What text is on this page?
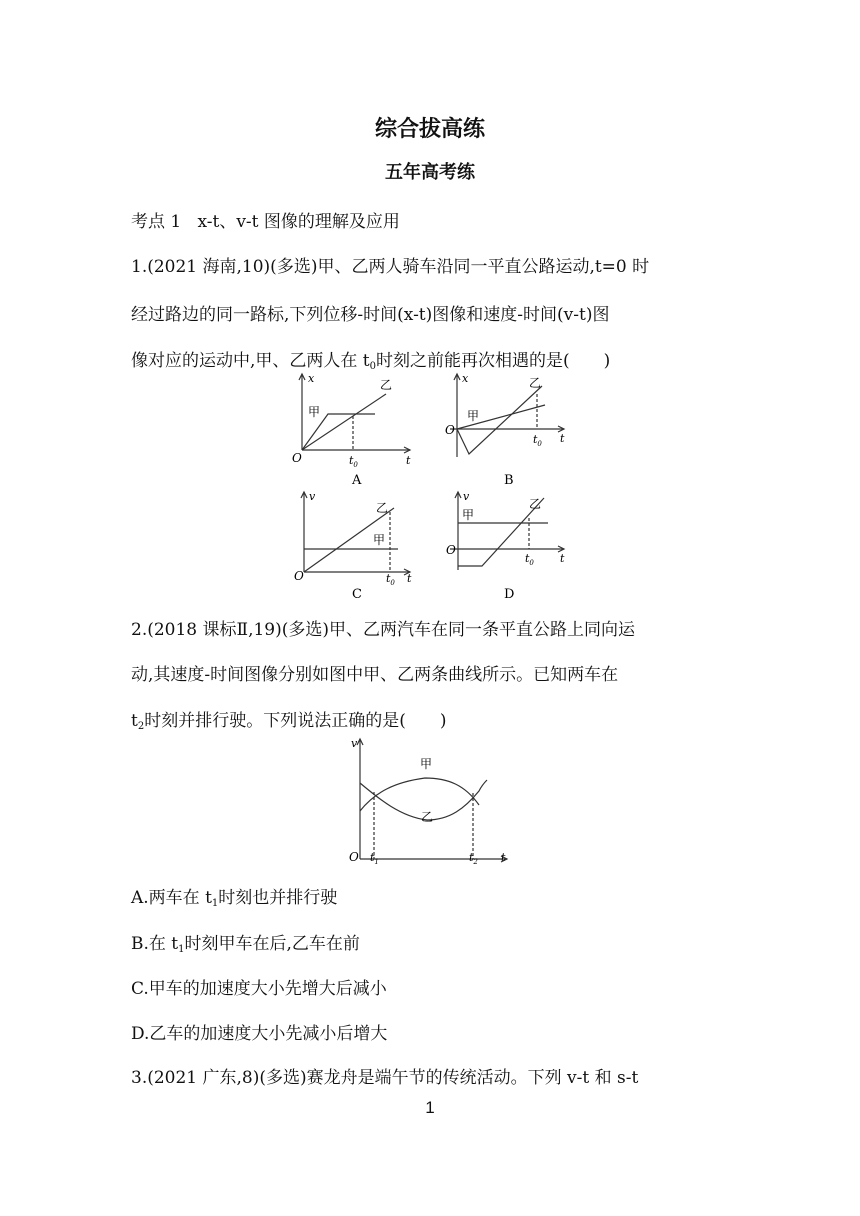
综合拔高练
五年高考练
考点 1 x-t、v-t 图像的理解及应用
1.(2021 海南,10)(多选)甲、乙两人骑车沿同一平直公路运动,t=0 时
经过路边的同一路标,下列位移-时间(x-t)图像和速度-时间(v-t)图
像对应的运动中,甲、乙两人在 $t_0$时刻之前能再次相遇的是(　　)
x
甲
乙
O	$t_0$	t
A
x
甲
乙
O
$t_0$ t
B
v
甲
乙
O	$t_0$ t
C
v
甲
乙
O
$t_0$ t
D
2.(2018 课标Ⅱ,19)(多选)甲、乙两汽车在同一条平直公路上同向运
动,其速度-时间图像分别如图中甲、乙两条曲线所示。已知两车在
$t_2$时刻并排行驶。下列说法正确的是(　　)
v
甲
乙
O $t_1$	$t_2$ t
A.两车在 $t_1$时刻也并排行驶
B.在 $t_1$时刻甲车在后,乙车在前
C.甲车的加速度大小先增大后减小
D.乙车的加速度大小先减小后增大
3.(2021 广东,8)(多选)赛龙舟是端午节的传统活动。下列 v-t 和 s-t
1
